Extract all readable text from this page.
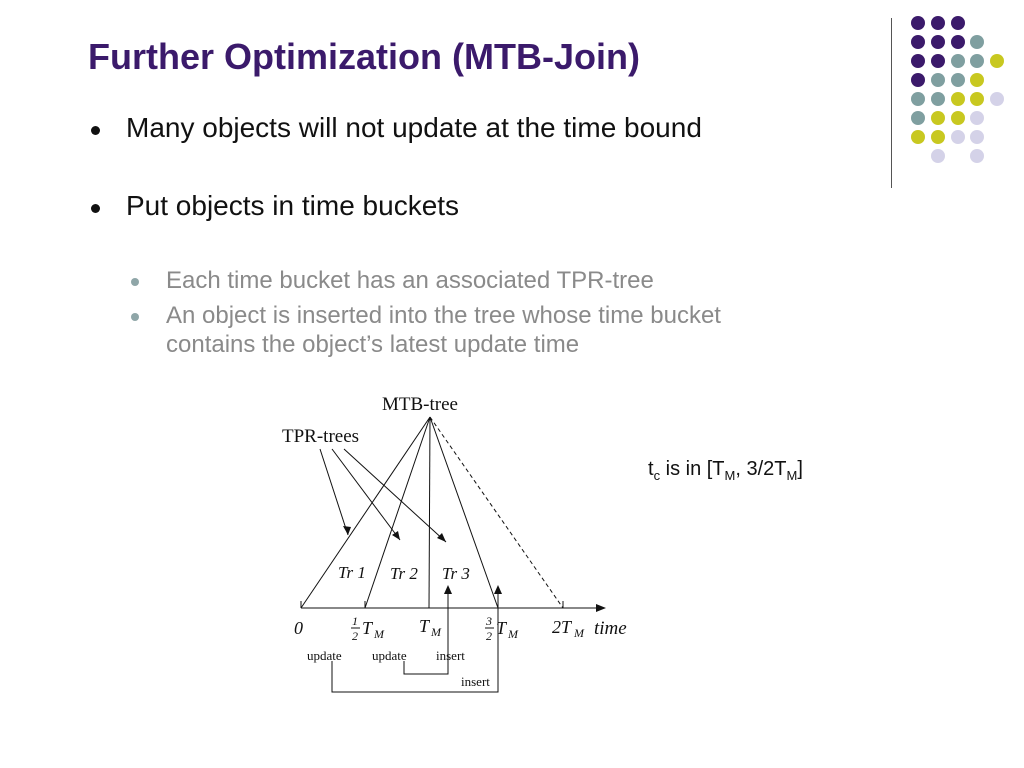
Further Optimization (MTB-Join)
Many objects will not update at the time bound
Put objects in time buckets
Each time bucket has an associated TPR-tree
An object is inserted into the tree whose time bucket contains the object’s latest update time
MTB-tree
TPR-trees
Tr 1 Tr 2 Tr 3
0	1
2 T M T M
3
2 T M 2T M time
update update insert
insert
$t_c$ is in [$T_M$, $3/2T_M$]
